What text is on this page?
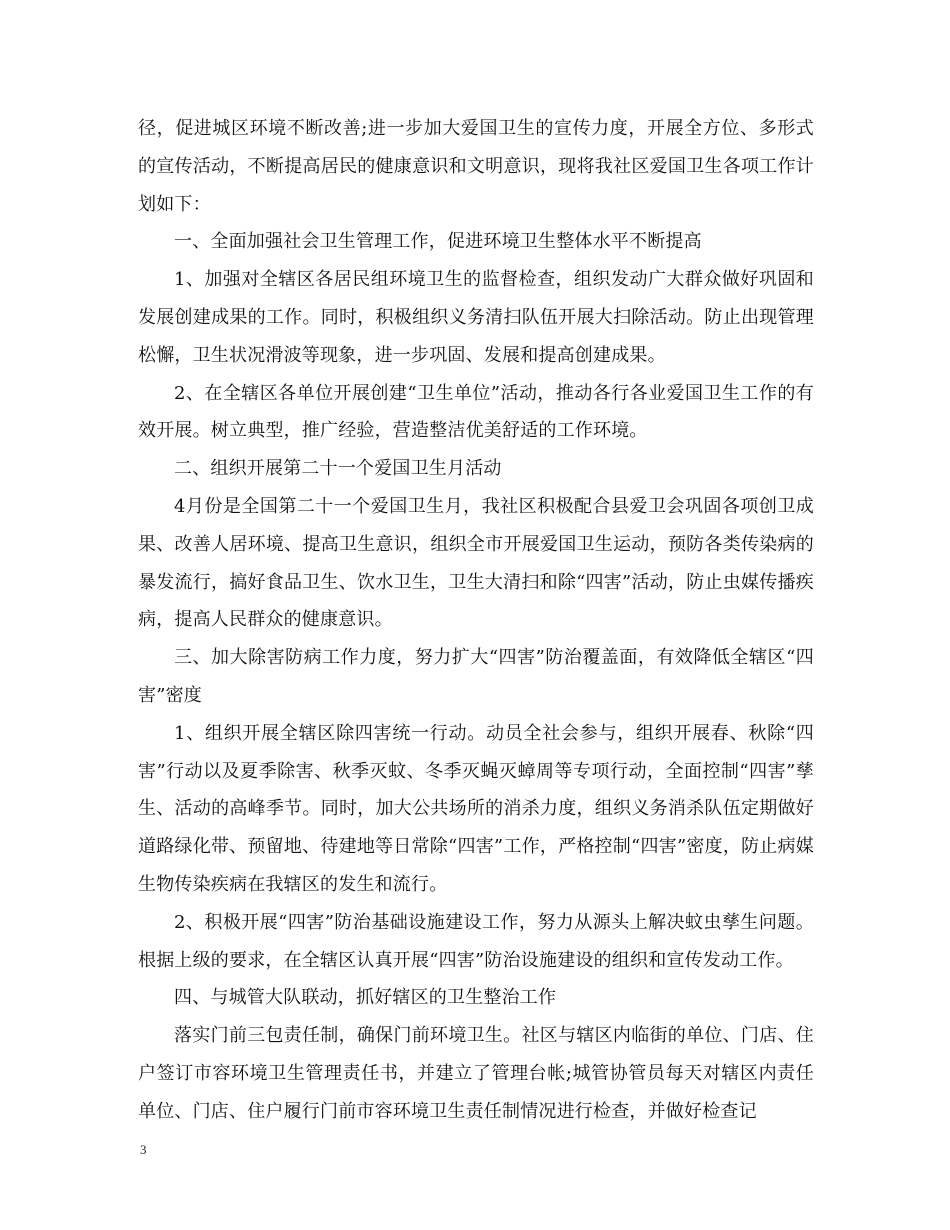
径，促进城区环境不断改善;进一步加大爱国卫生的宣传力度，开展全方位、多形式的宣传活动，不断提高居民的健康意识和文明意识，现将我社区爱国卫生各项工作计划如下：

一、全面加强社会卫生管理工作，促进环境卫生整体水平不断提高

1、加强对全辖区各居民组环境卫生的监督检查，组织发动广大群众做好巩固和发展创建成果的工作。同时，积极组织义务清扫队伍开展大扫除活动。防止出现管理松懈，卫生状况滑波等现象，进一步巩固、发展和提高创建成果。

2、在全辖区各单位开展创建“卫生单位”活动，推动各行各业爱国卫生工作的有效开展。树立典型，推广经验，营造整洁优美舒适的工作环境。

二、组织开展第二十一个爱国卫生月活动

4月份是全国第二十一个爱国卫生月，我社区积极配合县爱卫会巩固各项创卫成果、改善人居环境、提高卫生意识，组织全市开展爱国卫生运动，预防各类传染病的暴发流行，搞好食品卫生、饮水卫生，卫生大清扫和除“四害”活动，防止虫媒传播疾病，提高人民群众的健康意识。

三、加大除害防病工作力度，努力扩大“四害”防治覆盖面，有效降低全辖区“四害”密度

1、组织开展全辖区除四害统一行动。动员全社会参与，组织开展春、秋除“四害”行动以及夏季除害、秋季灭蚊、冬季灭蝇灭蟑周等专项行动，全面控制“四害”孳生、活动的高峰季节。同时，加大公共场所的消杀力度，组织义务消杀队伍定期做好道路绿化带、预留地、待建地等日常除“四害”工作，严格控制“四害”密度，防止病媒生物传染疾病在我辖区的发生和流行。

2、积极开展“四害”防治基础设施建设工作，努力从源头上解决蚊虫孳生问题。根据上级的要求，在全辖区认真开展“四害”防治设施建设的组织和宣传发动工作。

四、与城管大队联动，抓好辖区的卫生整治工作

落实门前三包责任制，确保门前环境卫生。社区与辖区内临街的单位、门店、住户签订市容环境卫生管理责任书，并建立了管理台帐;城管协管员每天对辖区内责任单位、门店、住户履行门前市容环境卫生责任制情况进行检查，并做好检查记

3
